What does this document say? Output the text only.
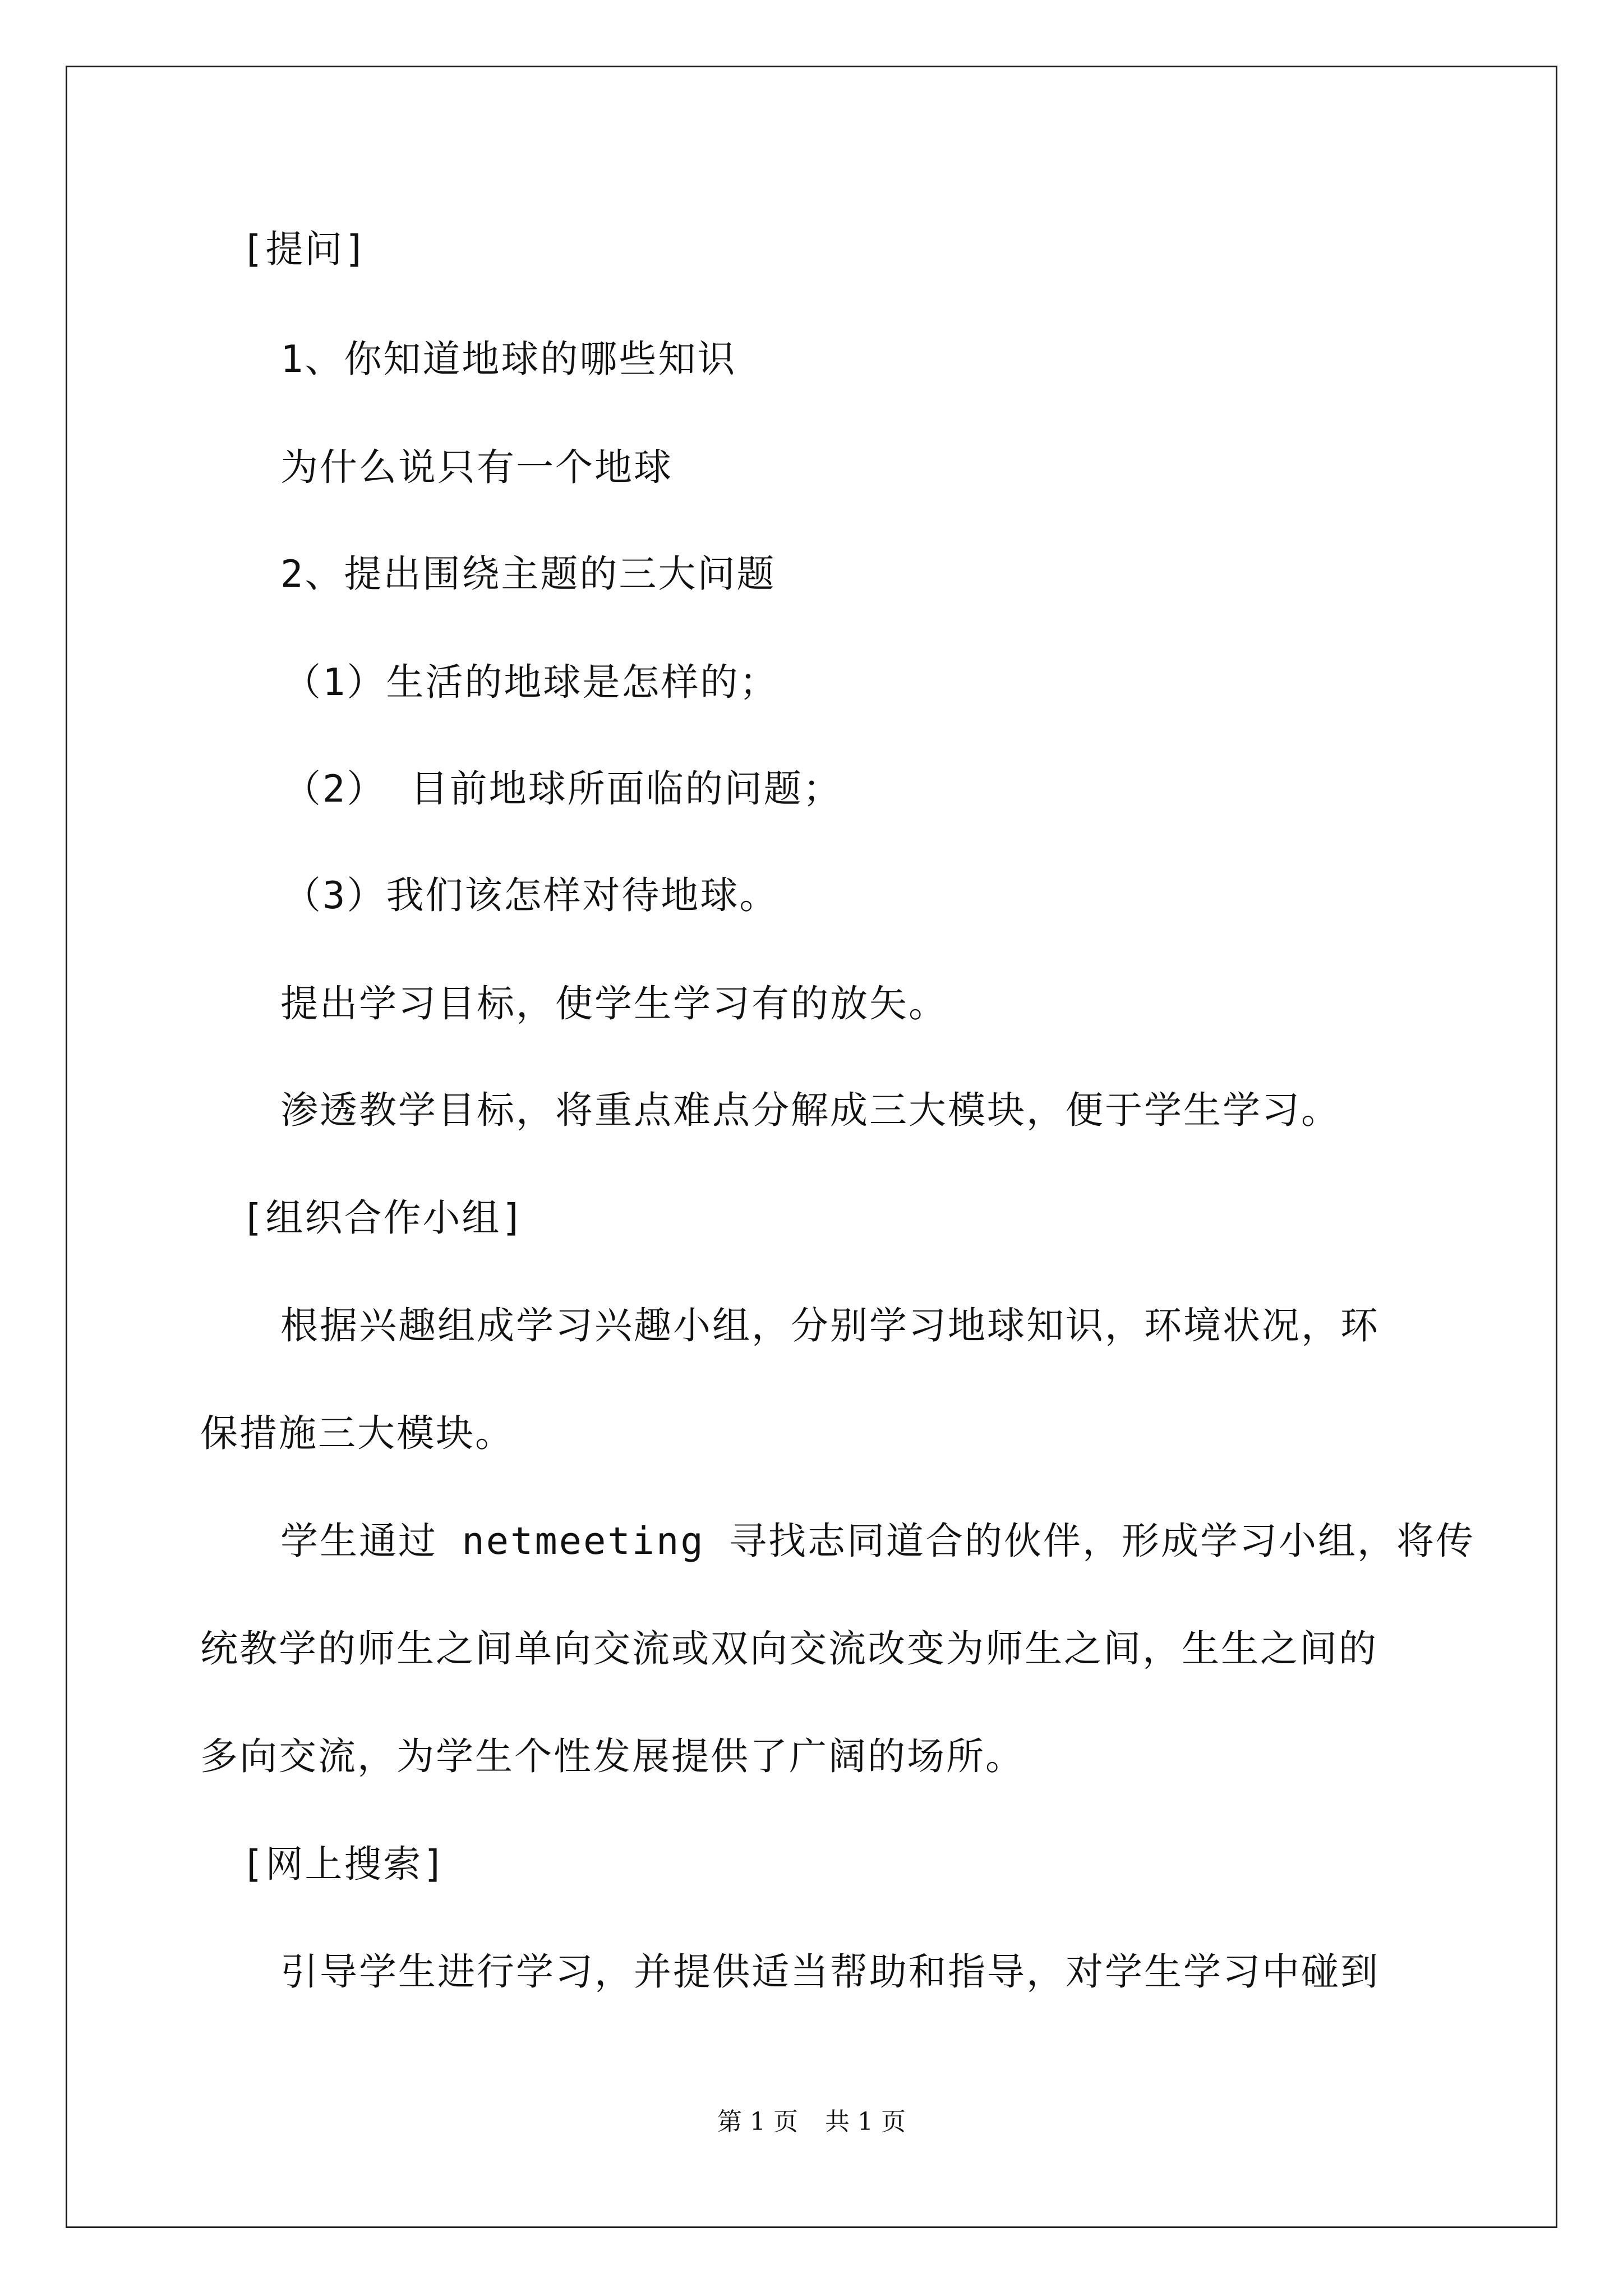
[提问]
1、你知道地球的哪些知识
为什么说只有一个地球
2、提出围绕主题的三大问题
（1）生活的地球是怎样的；
（2） 目前地球所面临的问题；
（3）我们该怎样对待地球。
提出学习目标，使学生学习有的放矢。
渗透教学目标，将重点难点分解成三大模块，便于学生学习。
[组织合作小组]
根据兴趣组成学习兴趣小组，分别学习地球知识，环境状况，环
保措施三大模块。
学生通过 netmeeting 寻找志同道合的伙伴，形成学习小组，将传
统教学的师生之间单向交流或双向交流改变为师生之间，生生之间的
多向交流，为学生个性发展提供了广阔的场所。
[网上搜索]
引导学生进行学习，并提供适当帮助和指导，对学生学习中碰到
第 1 页 共 1 页
